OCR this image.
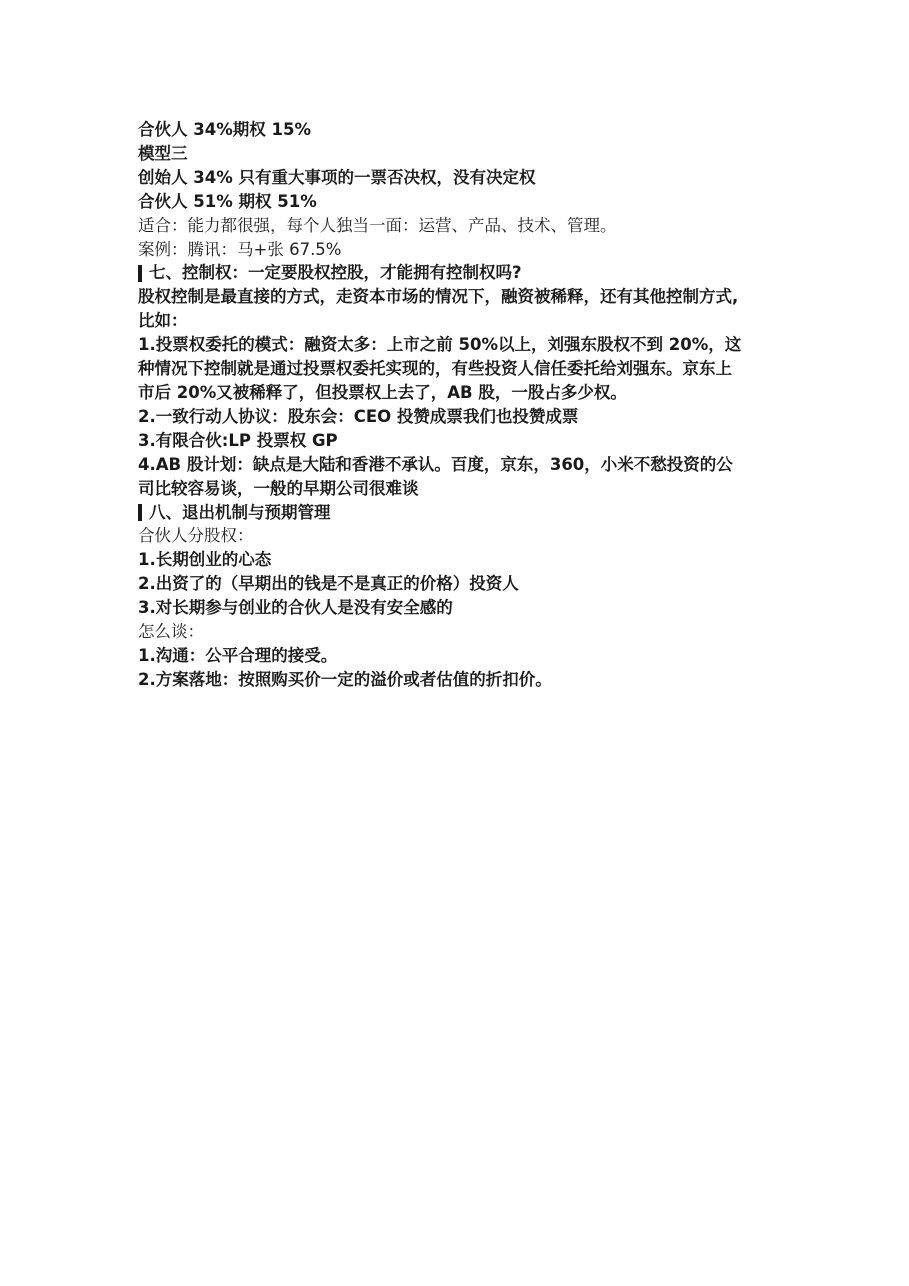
合伙人 34%期权 15%
模型三
创始人 34% 只有重大事项的一票否决权，没有决定权
合伙人 51% 期权 51%
适合：能力都很强，每个人独当一面：运营、产品、技术、管理。
案例：腾讯：马+张 67.5%
七、控制权：一定要股权控股，才能拥有控制权吗?
股权控制是最直接的方式，走资本市场的情况下，融资被稀释，还有其他控制方式,
比如：
1.投票权委托的模式：融资太多：上市之前 50%以上，刘强东股权不到 20%，这
种情况下控制就是通过投票权委托实现的，有些投资人信任委托给刘强东。京东上
市后 20%又被稀释了，但投票权上去了，AB 股，一股占多少权。
2.一致行动人协议：股东会：CEO 投赞成票我们也投赞成票
3.有限合伙:LP 投票权 GP
4.AB 股计划：缺点是大陆和香港不承认。百度，京东，360，小米不愁投资的公
司比较容易谈，一般的早期公司很难谈
八、退出机制与预期管理
合伙人分股权：
1.长期创业的心态
2.出资了的（早期出的钱是不是真正的价格）投资人
3.对长期参与创业的合伙人是没有安全感的
怎么谈：
1.沟通：公平合理的接受。
2.方案落地：按照购买价一定的溢价或者估值的折扣价。
